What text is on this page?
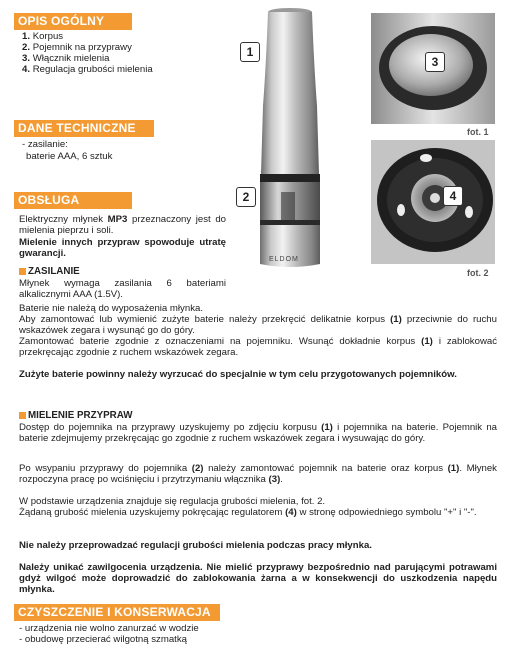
OPIS OGÓLNY
1. Korpus
2. Pojemnik na przyprawy
3. Włącznik mielenia
4. Regulacja grubości mielenia
DANE TECHNICZNE
- zasilanie:
baterie AAA, 6 sztuk
OBSŁUGA
Elektryczny młynek MP3 przeznaczony jest do mielenia pieprzu i soli.
Mielenie innych przypraw spowoduje utratę gwarancji.
ZASILANIE
Młynek wymaga zasilania 6 bateriami alkalicznymi AAA (1.5V).
Baterie nie należą do wyposażenia młynka.
Aby zamontować lub wymienić zużyte baterie należy przekręcić delikatnie korpus (1) przeciwnie do ruchu wskazówek zegara i wysunąć go do góry.
Zamontować baterie zgodnie z oznaczeniami na pojemniku. Wsunąć dokładnie korpus (1) i zablokować przekręcając zgodnie z ruchem wskazówek zegara.
Zużyte baterie powinny należy wyrzucać do specjalnie w tym celu przygotowanych pojemników.
MIELENIE PRZYPRAW
Dostęp do pojemnika na przyprawy uzyskujemy po zdjęciu korpusu (1) i pojemnika na baterie. Pojemnik na baterie zdejmujemy przekręcając go zgodnie z ruchem wskazówek zegara i wysuwając do góry.
Po wsypaniu przyprawy do pojemnika (2) należy zamontować pojemnik na baterie oraz korpus (1). Młynek rozpoczyna pracę po wciśnięciu i przytrzymaniu włącznika (3).
W podstawie urządzenia znajduje się regulacja grubości mielenia, fot. 2.
Żądaną grubość mielenia uzyskujemy pokręcając regulatorem (4) w stronę odpowiedniego symbolu "+" i "-".
Nie należy przeprowadzać regulacji grubości mielenia podczas pracy młynka.
Należy unikać zawilgocenia urządzenia. Nie mielić przyprawy bezpośrednio nad parującymi potrawami gdyż wilgoć może doprowadzić do zablokowania żarna a w konsekwencji do uszkodzenia napędu młynka.
CZYSZCZENIE I KONSERWACJA
- urządzenia nie wolno zanurzać w wodzie
- obudowę przecierać wilgotną szmatką
ELDOM
1
2
3
fot. 1
4
fot. 2
